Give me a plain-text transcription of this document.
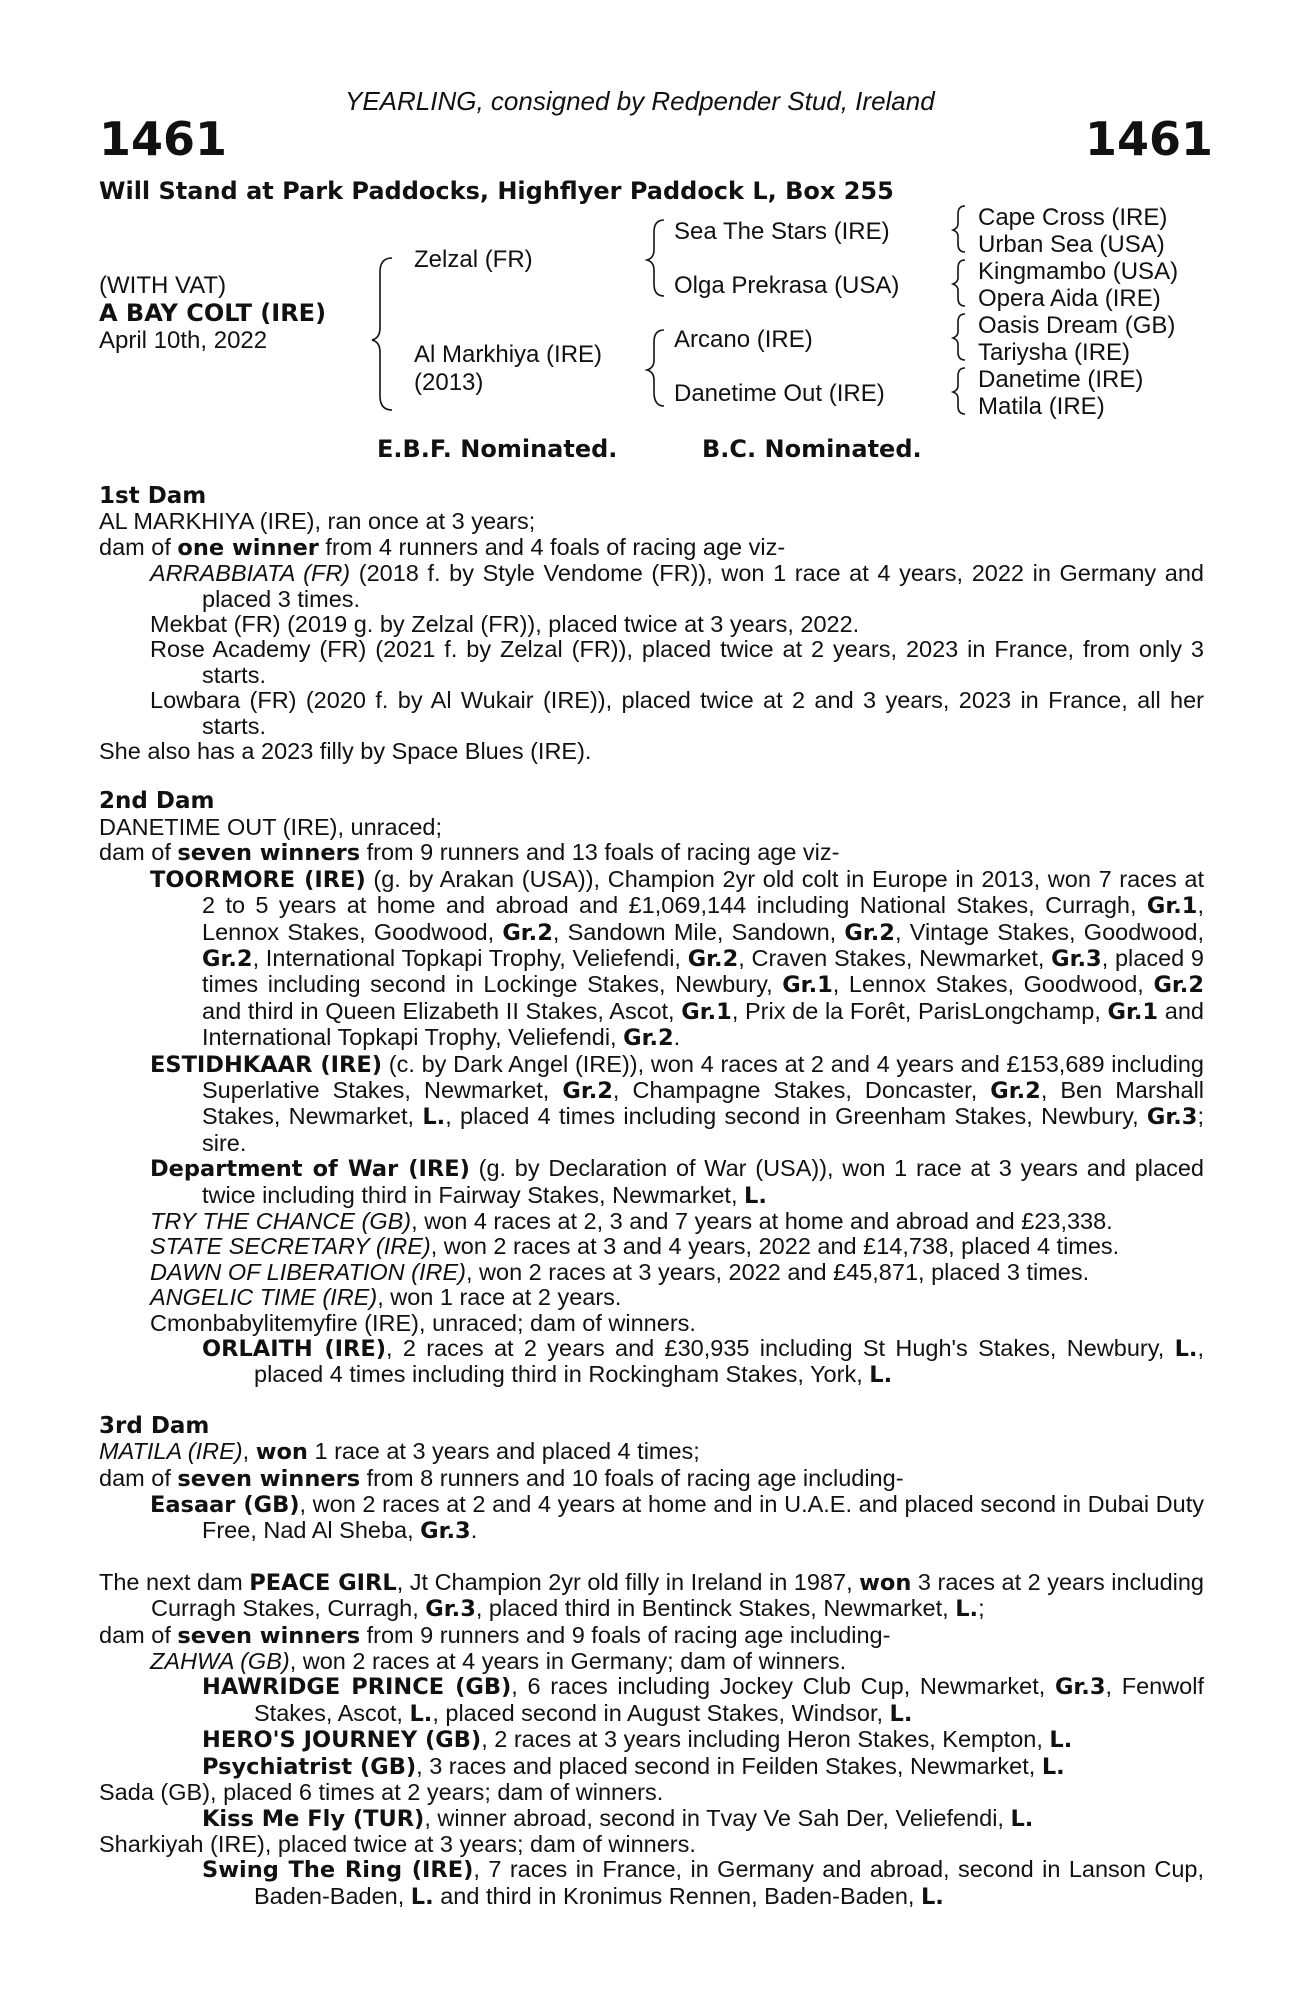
YEARLING, consigned by Redpender Stud, Ireland
1461	1461
Will Stand at Park Paddocks, Highflyer Paddock L, Box 255
(WITH VAT)
A BAY COLT (IRE)
April 10th, 2022
Zelzal (FR)
Al Markhiya (IRE)
(2013)
Sea The Stars (IRE)
Olga Prekrasa (USA)
Arcano (IRE)
Danetime Out (IRE)
Cape Cross (IRE)
Urban Sea (USA)
Kingmambo (USA)
Opera Aida (IRE)
Oasis Dream (GB)
Tariysha (IRE)
Danetime (IRE)
Matila (IRE)
E.B.F. Nominated.	B.C. Nominated.

1st Dam

AL MARKHIYA (IRE), ran once at 3 years;

dam of one winner from 4 runners and 4 foals of racing age viz-

ARRABBIATA (FR) (2018 f. by Style Vendome (FR)), won 1 race at 4 years, 2022 in Germany and placed 3 times.

Mekbat (FR) (2019 g. by Zelzal (FR)), placed twice at 3 years, 2022.

Rose Academy (FR) (2021 f. by Zelzal (FR)), placed twice at 2 years, 2023 in France, from only 3 starts.

Lowbara (FR) (2020 f. by Al Wukair (IRE)), placed twice at 2 and 3 years, 2023 in France, all her starts.

She also has a 2023 filly by Space Blues (IRE).

2nd Dam

DANETIME OUT (IRE), unraced;

dam of seven winners from 9 runners and 13 foals of racing age viz-

TOORMORE (IRE) (g. by Arakan (USA)), Champion 2yr old colt in Europe in 2013, won 7 races at 2 to 5 years at home and abroad and £1,069,144 including National Stakes, Curragh, Gr.1, Lennox Stakes, Goodwood, Gr.2, Sandown Mile, Sandown, Gr.2, Vintage Stakes, Goodwood, Gr.2, International Topkapi Trophy, Veliefendi, Gr.2, Craven Stakes, Newmarket, Gr.3, placed 9 times including second in Lockinge Stakes, Newbury, Gr.1, Lennox Stakes, Goodwood, Gr.2 and third in Queen Elizabeth II Stakes, Ascot, Gr.1, Prix de la Forêt, ParisLongchamp, Gr.1 and International Topkapi Trophy, Veliefendi, Gr.2.

ESTIDHKAAR (IRE) (c. by Dark Angel (IRE)), won 4 races at 2 and 4 years and £153,689 including Superlative Stakes, Newmarket, Gr.2, Champagne Stakes, Doncaster, Gr.2, Ben Marshall Stakes, Newmarket, L., placed 4 times including second in Greenham Stakes, Newbury, Gr.3; sire.

Department of War (IRE) (g. by Declaration of War (USA)), won 1 race at 3 years and placed twice including third in Fairway Stakes, Newmarket, L.

TRY THE CHANCE (GB), won 4 races at 2, 3 and 7 years at home and abroad and £23,338.

STATE SECRETARY (IRE), won 2 races at 3 and 4 years, 2022 and £14,738, placed 4 times.

DAWN OF LIBERATION (IRE), won 2 races at 3 years, 2022 and £45,871, placed 3 times.

ANGELIC TIME (IRE), won 1 race at 2 years.

Cmonbabylitemyfire (IRE), unraced; dam of winners.

ORLAITH (IRE), 2 races at 2 years and £30,935 including St Hugh's Stakes, Newbury, L., placed 4 times including third in Rockingham Stakes, York, L.

3rd Dam

MATILA (IRE), won 1 race at 3 years and placed 4 times;

dam of seven winners from 8 runners and 10 foals of racing age including-

Easaar (GB), won 2 races at 2 and 4 years at home and in U.A.E. and placed second in Dubai Duty Free, Nad Al Sheba, Gr.3.

The next dam PEACE GIRL, Jt Champion 2yr old filly in Ireland in 1987, won 3 races at 2 years including Curragh Stakes, Curragh, Gr.3, placed third in Bentinck Stakes, Newmarket, L.;

dam of seven winners from 9 runners and 9 foals of racing age including-

ZAHWA (GB), won 2 races at 4 years in Germany; dam of winners.

HAWRIDGE PRINCE (GB), 6 races including Jockey Club Cup, Newmarket, Gr.3, Fenwolf Stakes, Ascot, L., placed second in August Stakes, Windsor, L.

HERO'S JOURNEY (GB), 2 races at 3 years including Heron Stakes, Kempton, L.

Psychiatrist (GB), 3 races and placed second in Feilden Stakes, Newmarket, L.

Sada (GB), placed 6 times at 2 years; dam of winners.

Kiss Me Fly (TUR), winner abroad, second in Tvay Ve Sah Der, Veliefendi, L.

Sharkiyah (IRE), placed twice at 3 years; dam of winners.

Swing The Ring (IRE), 7 races in France, in Germany and abroad, second in Lanson Cup, Baden-Baden, L. and third in Kronimus Rennen, Baden-Baden, L.
